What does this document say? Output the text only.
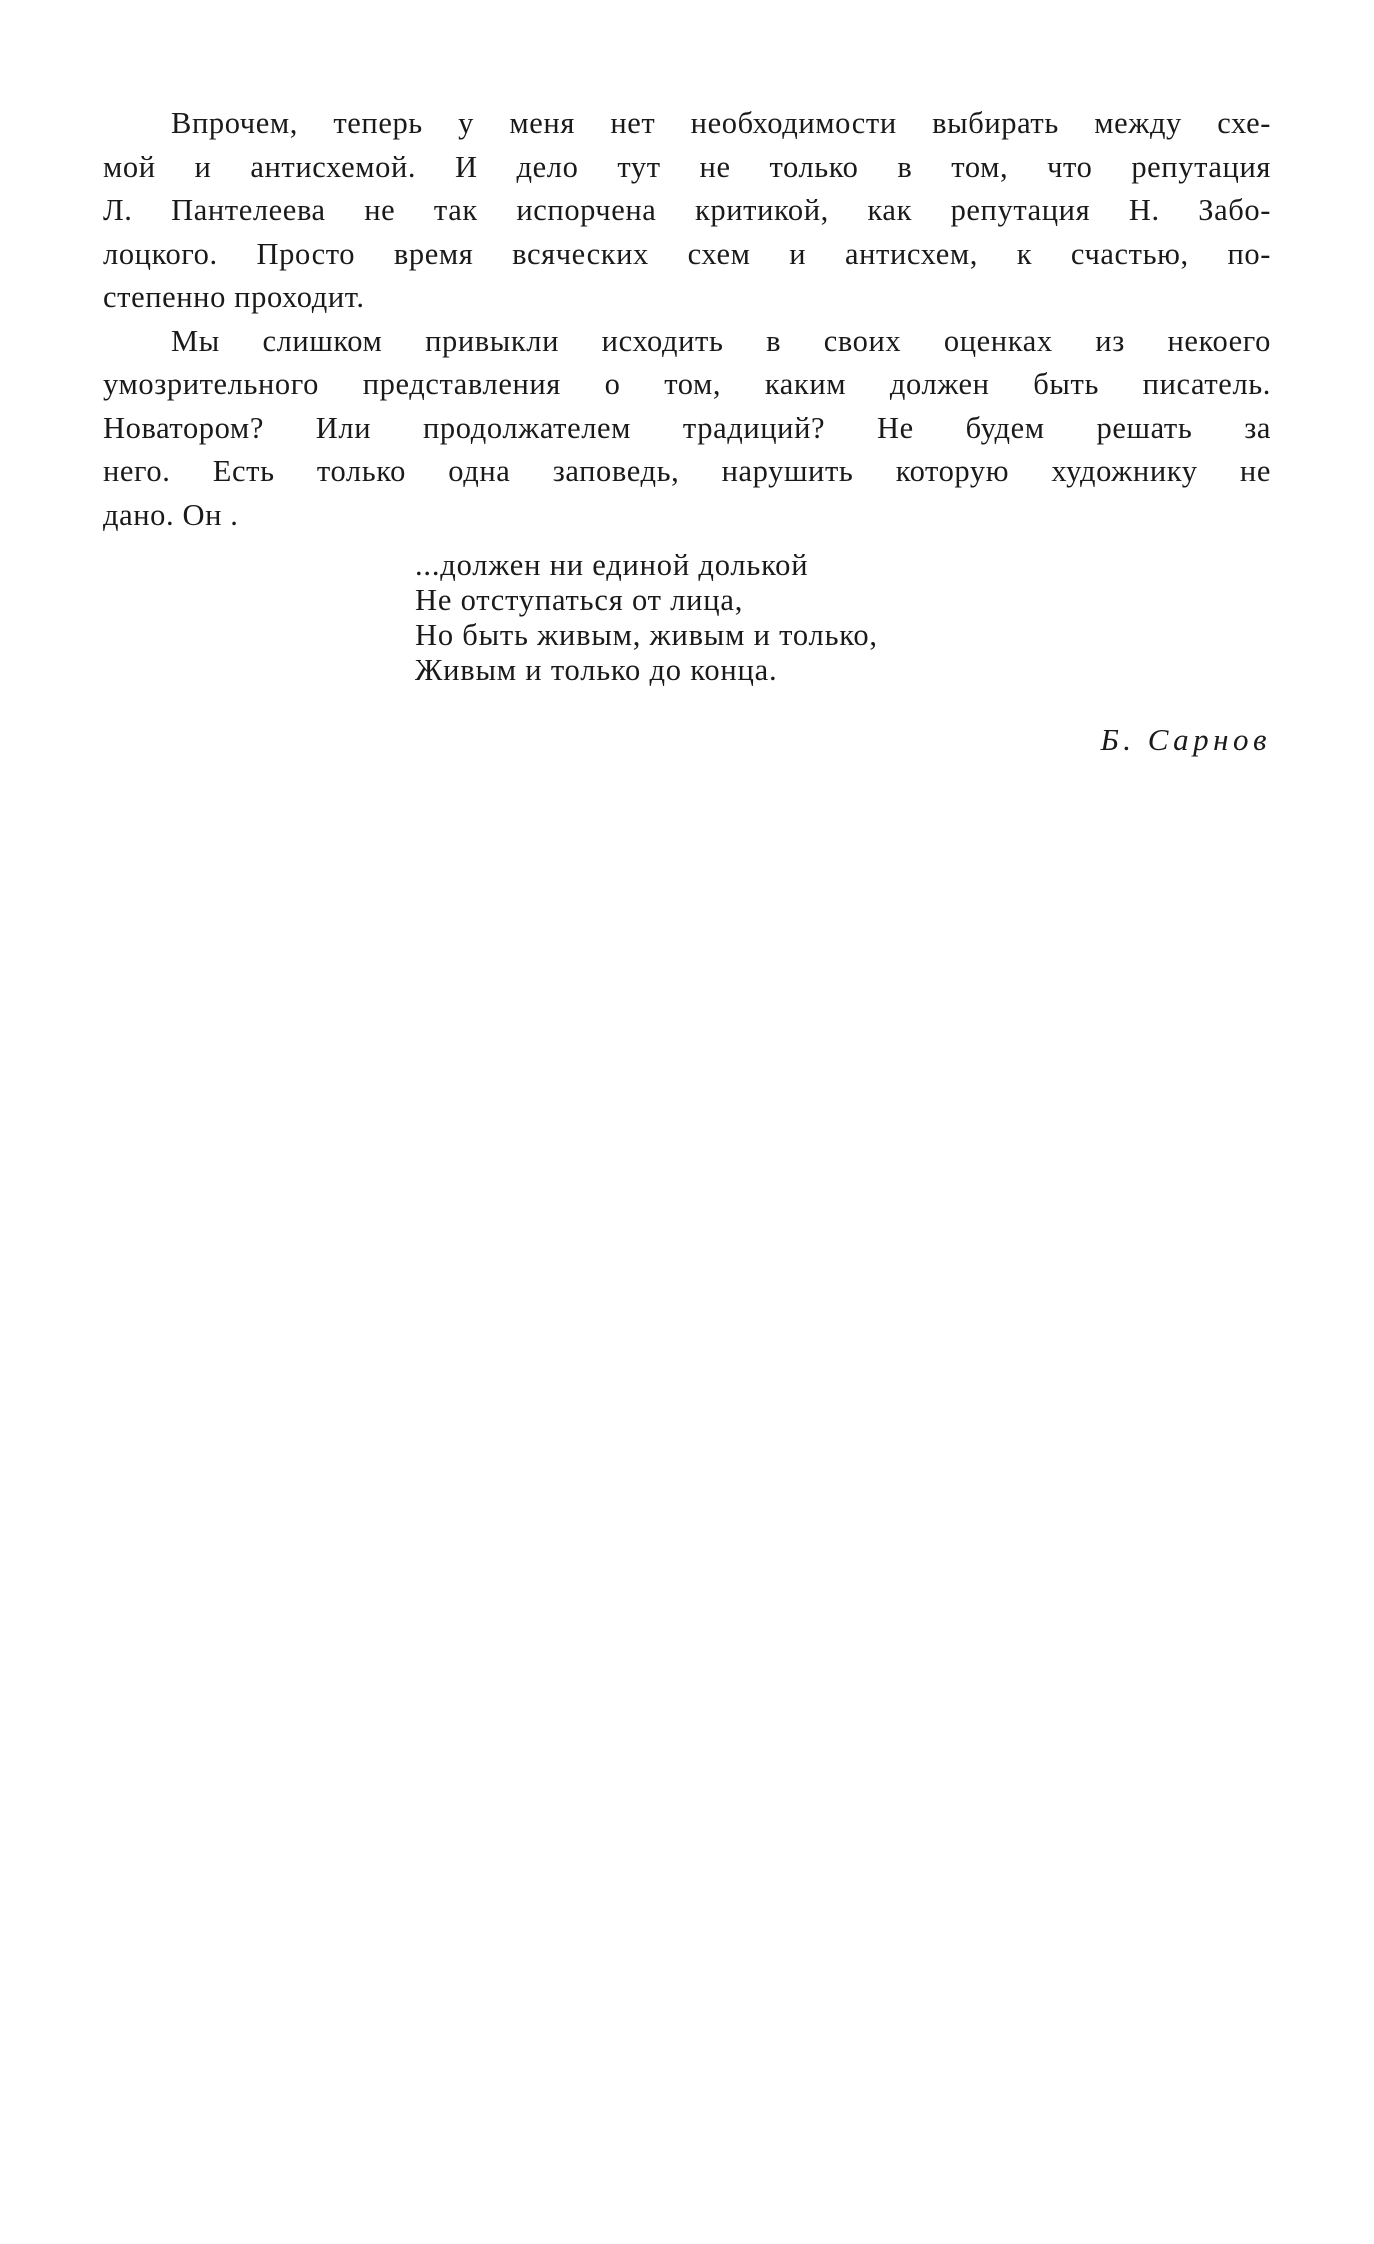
Впрочем, теперь у меня нет необходимости выбирать между схе-
мой и антисхемой. И дело тут не только в том, что репутация
Л. Пантелеева не так испорчена критикой, как репутация Н. Забо-
лоцкого. Просто время всяческих схем и антисхем, к счастью, по-
степенно проходит.
Мы слишком привыкли исходить в своих оценках из некоего
умозрительного представления о том, каким должен быть писатель.
Новатором? Или продолжателем традиций? Не будем решать за
него. Есть только одна заповедь, нарушить которую художнику не
дано. Он .
...должен ни единой долькой
Не отступаться от лица,
Но быть живым, живым и только,
Живым и только до конца.
Б. Сарнов
